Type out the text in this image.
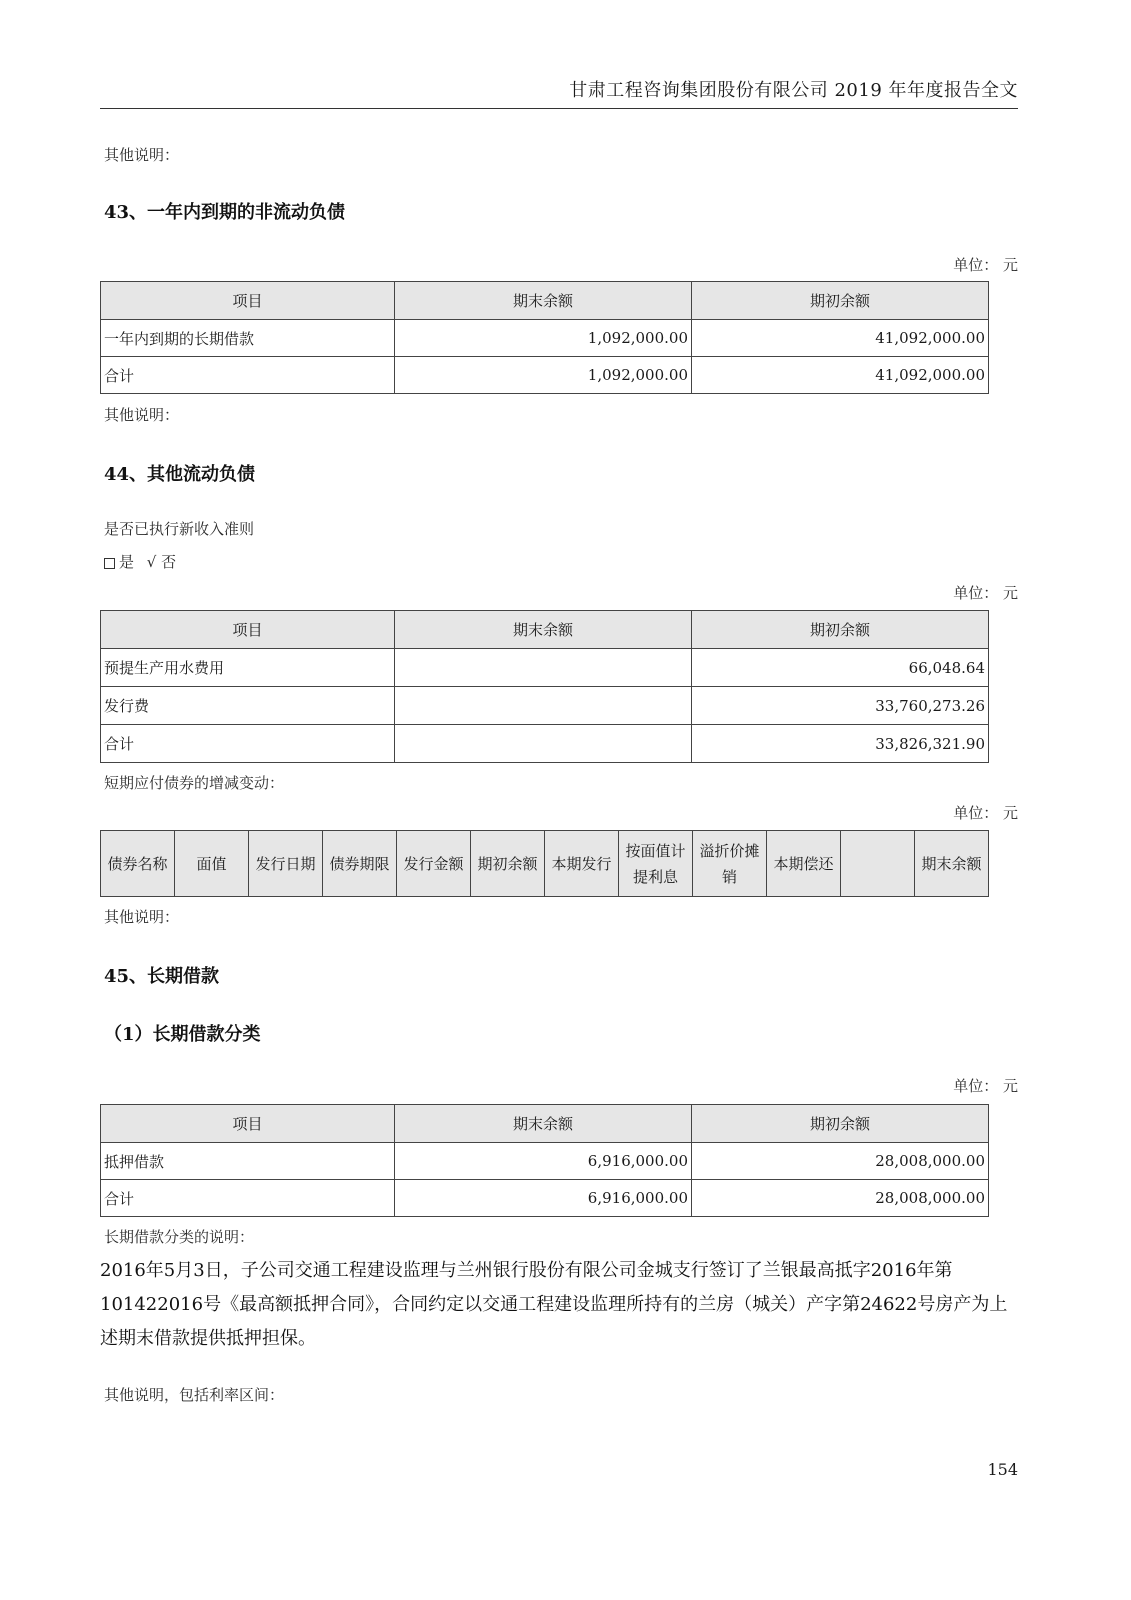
甘肃工程咨询集团股份有限公司 2019 年年度报告全文
其他说明：
43、一年内到期的非流动负债
单位： 元
项目	期末余额	期初余额
一年内到期的长期借款	1,092,000.00	41,092,000.00
合计	1,092,000.00	41,092,000.00
其他说明：
44、其他流动负债
是否已执行新收入准则
是 √ 否
单位： 元
项目	期末余额	期初余额
预提生产用水费用		66,048.64
发行费		33,760,273.26
合计		33,826,321.90
短期应付债券的增减变动：
单位： 元
债券名称	面值	发行日期	债券期限	发行金额	期初余额	本期发行	按面值计提利息	溢折价摊销	本期偿还		期末余额
其他说明：
45、长期借款
（1）长期借款分类
单位： 元
项目	期末余额	期初余额
抵押借款	6,916,000.00	28,008,000.00
合计	6,916,000.00	28,008,000.00
长期借款分类的说明：
2016年5月3日，子公司交通工程建设监理与兰州银行股份有限公司金城支行签订了兰银最高抵字2016年第101422016号《最高额抵押合同》，合同约定以交通工程建设监理所持有的兰房（城关）产字第24622号房产为上述期末借款提供抵押担保。
其他说明，包括利率区间：
154
